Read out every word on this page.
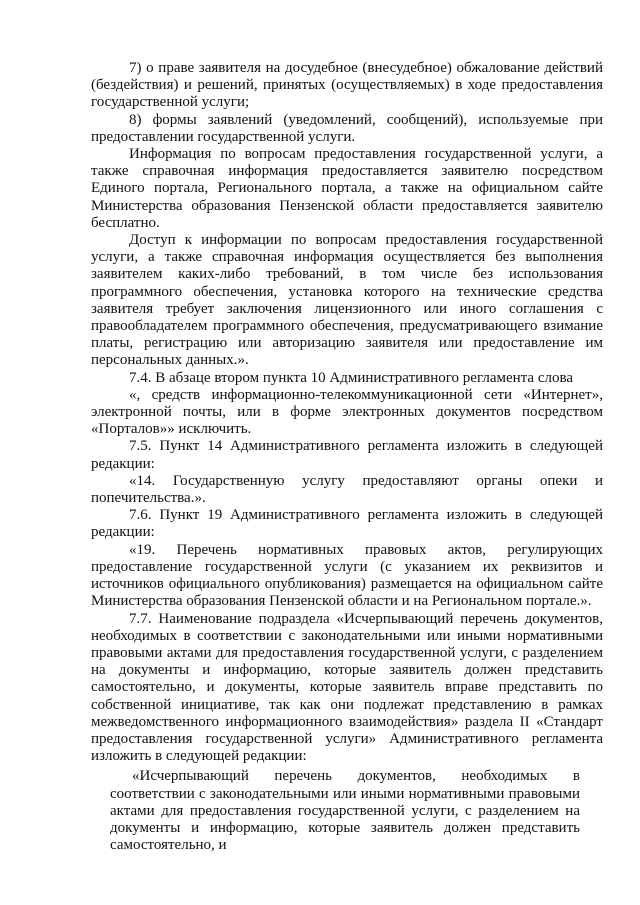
7) о праве заявителя на досудебное (внесудебное) обжалование действий (бездействия) и решений, принятых (осуществляемых) в ходе предоставления государственной услуги;

8) формы заявлений (уведомлений, сообщений), используемые при предоставлении государственной услуги.

Информация по вопросам предоставления государственной услуги, а также справочная информация предоставляется заявителю посредством Единого портала, Регионального портала, а также на официальном сайте Министерства образования Пензенской области предоставляется заявителю бесплатно.

Доступ к информации по вопросам предоставления государственной услуги, а также справочная информация осуществляется без выполнения заявителем каких-либо требований, в том числе без использования программного обеспечения, установка которого на технические средства заявителя требует заключения лицензионного или иного соглашения с правообладателем программного обеспечения, предусматривающего взимание платы, регистрацию или авторизацию заявителя или предоставление им персональных данных.».

7.4. В абзаце втором пункта 10 Административного регламента слова

«, средств информационно-телекоммуникационной сети «Интернет», электронной почты, или в форме электронных документов посредством «Порталов»» исключить.

7.5. Пункт 14 Административного регламента изложить в следующей редакции:

«14. Государственную услугу предоставляют органы опеки и попечительства.».

7.6. Пункт 19 Административного регламента изложить в следующей редакции:

«19. Перечень нормативных правовых актов, регулирующих предоставление государственной услуги (с указанием их реквизитов и источников официального опубликования) размещается на официальном сайте Министерства образования Пензенской области и на Региональном портале.».

7.7. Наименование подраздела «Исчерпывающий перечень документов, необходимых в соответствии с законодательными или иными нормативными правовыми актами для предоставления государственной услуги, с разделением на документы и информацию, которые заявитель должен представить самостоятельно, и документы, которые заявитель вправе представить по собственной инициативе, так как они подлежат представлению в рамках межведомственного информационного взаимодействия» раздела II «Стандарт предоставления государственной услуги» Административного регламента изложить в следующей редакции:

«Исчерпывающий перечень документов, необходимых в соответствии с законодательными или иными нормативными правовыми актами для предоставления государственной услуги, с разделением на документы и информацию, которые заявитель должен представить самостоятельно, и
